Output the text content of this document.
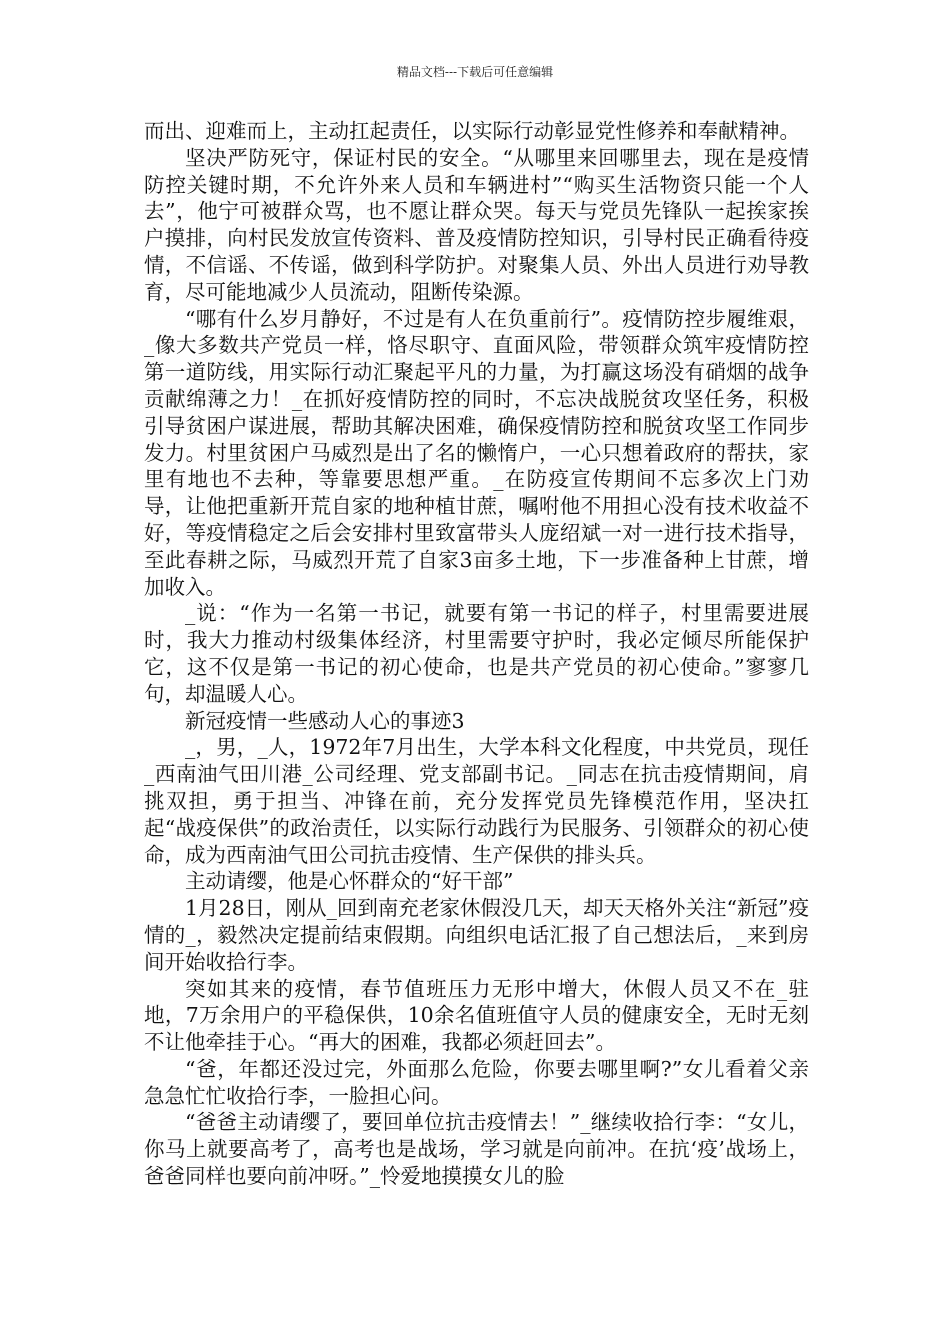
精品文档---下载后可任意编辑

而出、迎难而上，主动扛起责任，以实际行动彰显党性修养和奉献精神。

坚决严防死守，保证村民的安全。“从哪里来回哪里去，现在是疫情防控关键时期，不允许外来人员和车辆进村”“购买生活物资只能一个人去”，他宁可被群众骂，也不愿让群众哭。每天与党员先锋队一起挨家挨户摸排，向村民发放宣传资料、普及疫情防控知识，引导村民正确看待疫情，不信谣、不传谣，做到科学防护。对聚集人员、外出人员进行劝导教育，尽可能地减少人员流动，阻断传染源。

“哪有什么岁月静好，不过是有人在负重前行”。疫情防控步履维艰，_像大多数共产党员一样，恪尽职守、直面风险，带领群众筑牢疫情防控第一道防线，用实际行动汇聚起平凡的力量，为打赢这场没有硝烟的战争贡献绵薄之力！_在抓好疫情防控的同时，不忘决战脱贫攻坚任务，积极引导贫困户谋进展，帮助其解决困难，确保疫情防控和脱贫攻坚工作同步发力。村里贫困户马威烈是出了名的懒惰户，一心只想着政府的帮扶，家里有地也不去种，等靠要思想严重。_在防疫宣传期间不忘多次上门劝导，让他把重新开荒自家的地种植甘蔗，嘱咐他不用担心没有技术收益不好，等疫情稳定之后会安排村里致富带头人庞绍斌一对一进行技术指导，至此春耕之际，马威烈开荒了自家3亩多土地，下一步准备种上甘蔗，增加收入。

_说：“作为一名第一书记，就要有第一书记的样子，村里需要进展时，我大力推动村级集体经济，村里需要守护时，我必定倾尽所能保护它，这不仅是第一书记的初心使命，也是共产党员的初心使命。”寥寥几句，却温暖人心。

新冠疫情一些感动人心的事迹3

_，男，_人，1972年7月出生，大学本科文化程度，中共党员，现任_西南油气田川港_公司经理、党支部副书记。_同志在抗击疫情期间，肩挑双担，勇于担当、冲锋在前，充分发挥党员先锋模范作用，坚决扛起“战疫保供”的政治责任，以实际行动践行为民服务、引领群众的初心使命，成为西南油气田公司抗击疫情、生产保供的排头兵。

主动请缨，他是心怀群众的“好干部”

1月28日，刚从_回到南充老家休假没几天，却天天格外关注“新冠”疫情的_，毅然决定提前结束假期。向组织电话汇报了自己想法后，_来到房间开始收拾行李。

突如其来的疫情，春节值班压力无形中增大，休假人员又不在_驻地，7万余用户的平稳保供，10余名值班值守人员的健康安全，无时无刻不让他牵挂于心。“再大的困难，我都必须赶回去”。

“爸，年都还没过完，外面那么危险，你要去哪里啊?”女儿看着父亲急急忙忙收拾行李，一脸担心问。

“爸爸主动请缨了，要回单位抗击疫情去！”_继续收拾行李：“女儿，你马上就要高考了，高考也是战场，学习就是向前冲。在抗‘疫’战场上，爸爸同样也要向前冲呀。”_怜爱地摸摸女儿的脸
